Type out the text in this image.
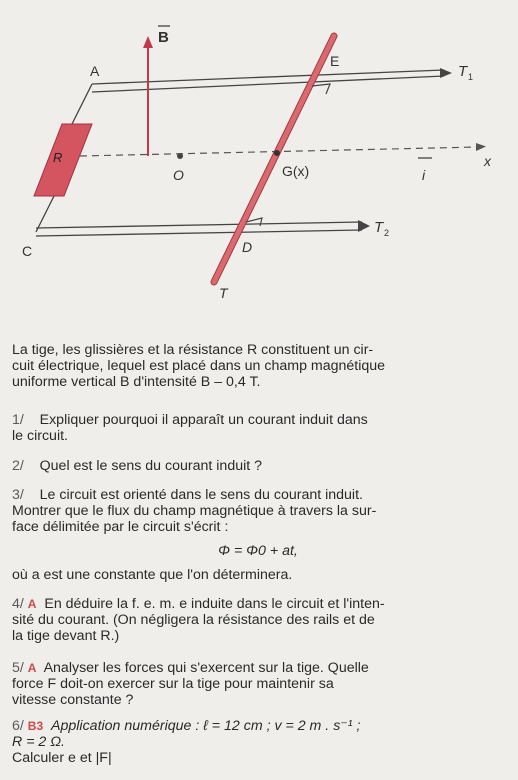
B
A
E
T 1
R
O	G(x)	i
x
T 2
C	D
T
La tige, les glissières et la résistance R constituent un cir-
cuit électrique, lequel est placé dans un champ magnétique
uniforme vertical B d'intensité B – 0,4 T.
1/ Expliquer pourquoi il apparaît un courant induit dans
le circuit.
2/ Quel est le sens du courant induit ?
3/ Le circuit est orienté dans le sens du courant induit.
Montrer que le flux du champ magnétique à travers la sur-
face délimitée par le circuit s'écrit :
Φ = Φ0 + at,
où a est une constante que l'on déterminera.
4/ A En déduire la f. e. m. e induite dans le circuit et l'inten-
sité du courant. (On négligera la résistance des rails et de
la tige devant R.)
5/ A Analyser les forces qui s'exercent sur la tige. Quelle
force F doit-on exercer sur la tige pour maintenir sa
vitesse constante ?
6/ B3 Application numérique : ℓ = 12 cm ; v = 2 m . s⁻¹ ;
R = 2 Ω.
Calculer e et |F|
